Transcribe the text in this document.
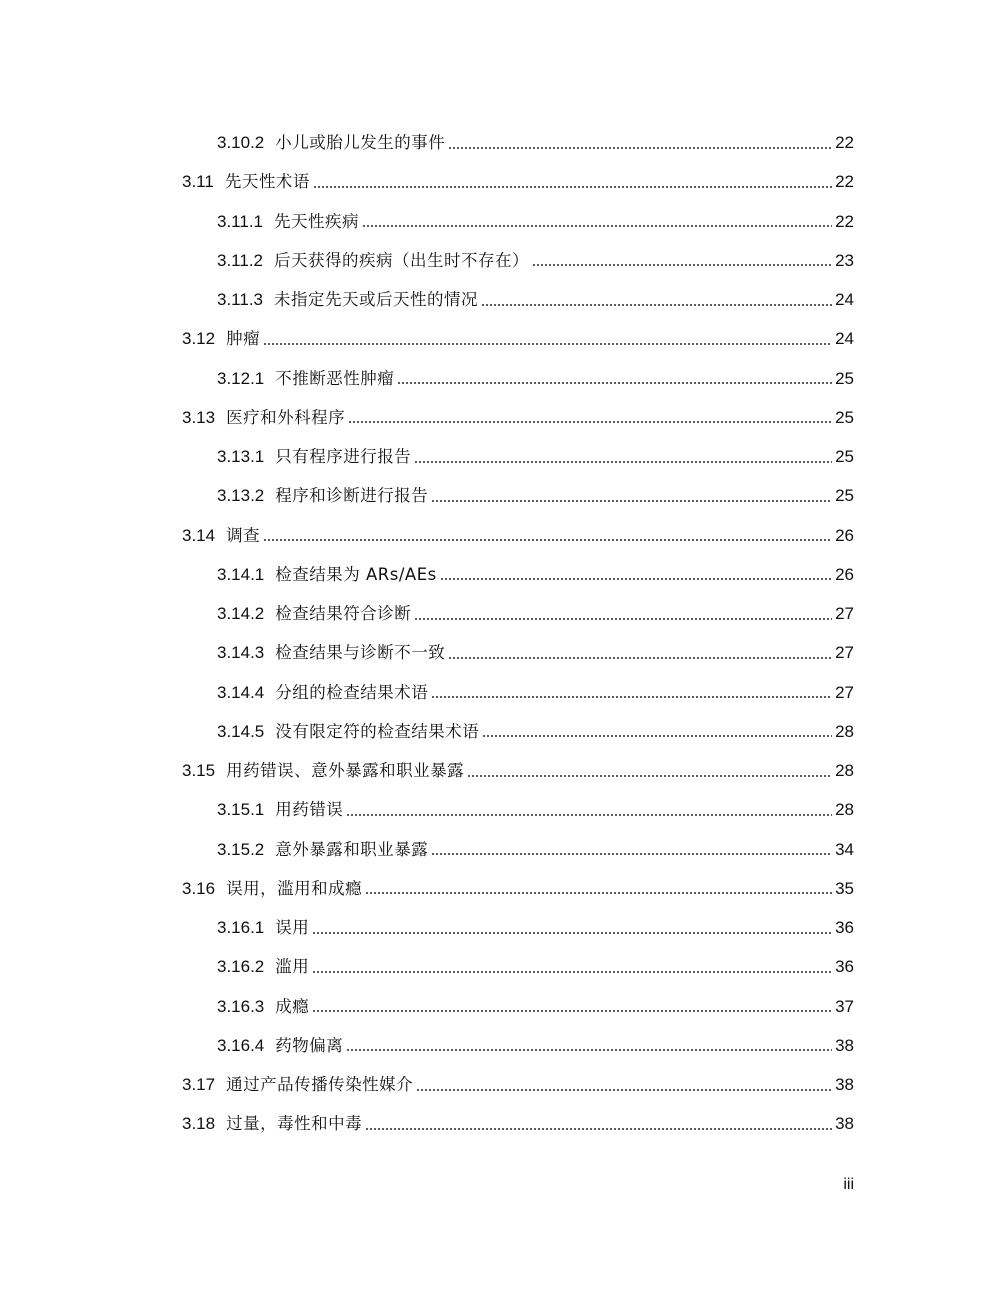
3.10.2 小儿或胎儿发生的事件	22
3.11 先天性术语	22
3.11.1 先天性疾病	22
3.11.2 后天获得的疾病（出生时不存在）	23
3.11.3 未指定先天或后天性的情况	24
3.12 肿瘤	24
3.12.1 不推断恶性肿瘤	25
3.13 医疗和外科程序	25
3.13.1 只有程序进行报告	25
3.13.2 程序和诊断进行报告	25
3.14 调查	26
3.14.1 检查结果为 ARs/AEs	26
3.14.2 检查结果符合诊断	27
3.14.3 检查结果与诊断不一致	27
3.14.4 分组的检查结果术语	27
3.14.5 没有限定符的检查结果术语	28
3.15 用药错误、意外暴露和职业暴露	28
3.15.1 用药错误	28
3.15.2 意外暴露和职业暴露	34
3.16 误用，滥用和成瘾	35
3.16.1 误用	36
3.16.2 滥用	36
3.16.3 成瘾	37
3.16.4 药物偏离	38
3.17 通过产品传播传染性媒介	38
3.18 过量，毒性和中毒	38
iii
